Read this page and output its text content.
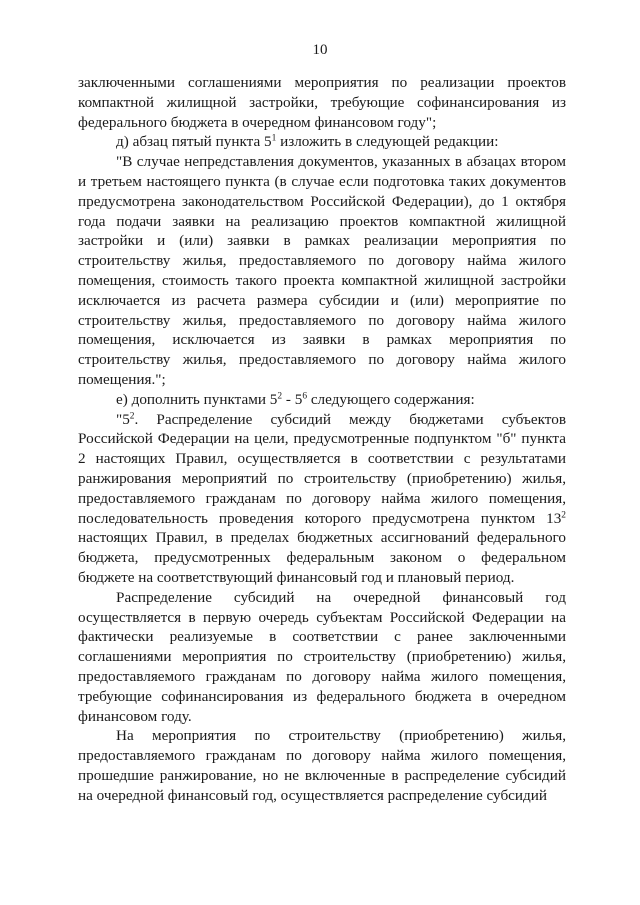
10

заключенными соглашениями мероприятия по реализации проектов компактной жилищной застройки, требующие софинансирования из федерального бюджета в очередном финансовом году";

д) абзац пятый пункта $5^1$ изложить в следующей редакции:

"В случае непредставления документов, указанных в абзацах втором и третьем настоящего пункта (в случае если подготовка таких документов предусмотрена законодательством Российской Федерации), до 1 октября года подачи заявки на реализацию проектов компактной жилищной застройки и (или) заявки в рамках реализации мероприятия по строительству жилья, предоставляемого по договору найма жилого помещения, стоимость такого проекта компактной жилищной застройки исключается из расчета размера субсидии и (или) мероприятие по строительству жилья, предоставляемого по договору найма жилого помещения, исключается из заявки в рамках мероприятия по строительству жилья, предоставляемого по договору найма жилого помещения.";

е) дополнить пунктами $5^2 - 5^6$ следующего содержания:

"$5^2$. Распределение субсидий между бюджетами субъектов Российской Федерации на цели, предусмотренные подпунктом "б" пункта 2 настоящих Правил, осуществляется в соответствии с результатами ранжирования мероприятий по строительству (приобретению) жилья, предоставляемого гражданам по договору найма жилого помещения, последовательность проведения которого предусмотрена пунктом $13^2$ настоящих Правил, в пределах бюджетных ассигнований федерального бюджета, предусмотренных федеральным законом о федеральном бюджете на соответствующий финансовый год и плановый период.

Распределение субсидий на очередной финансовый год осуществляется в первую очередь субъектам Российской Федерации на фактически реализуемые в соответствии с ранее заключенными соглашениями мероприятия по строительству (приобретению) жилья, предоставляемого гражданам по договору найма жилого помещения, требующие софинансирования из федерального бюджета в очередном финансовом году.

На мероприятия по строительству (приобретению) жилья, предоставляемого гражданам по договору найма жилого помещения, прошедшие ранжирование, но не включенные в распределение субсидий на очередной финансовый год, осуществляется распределение субсидий
